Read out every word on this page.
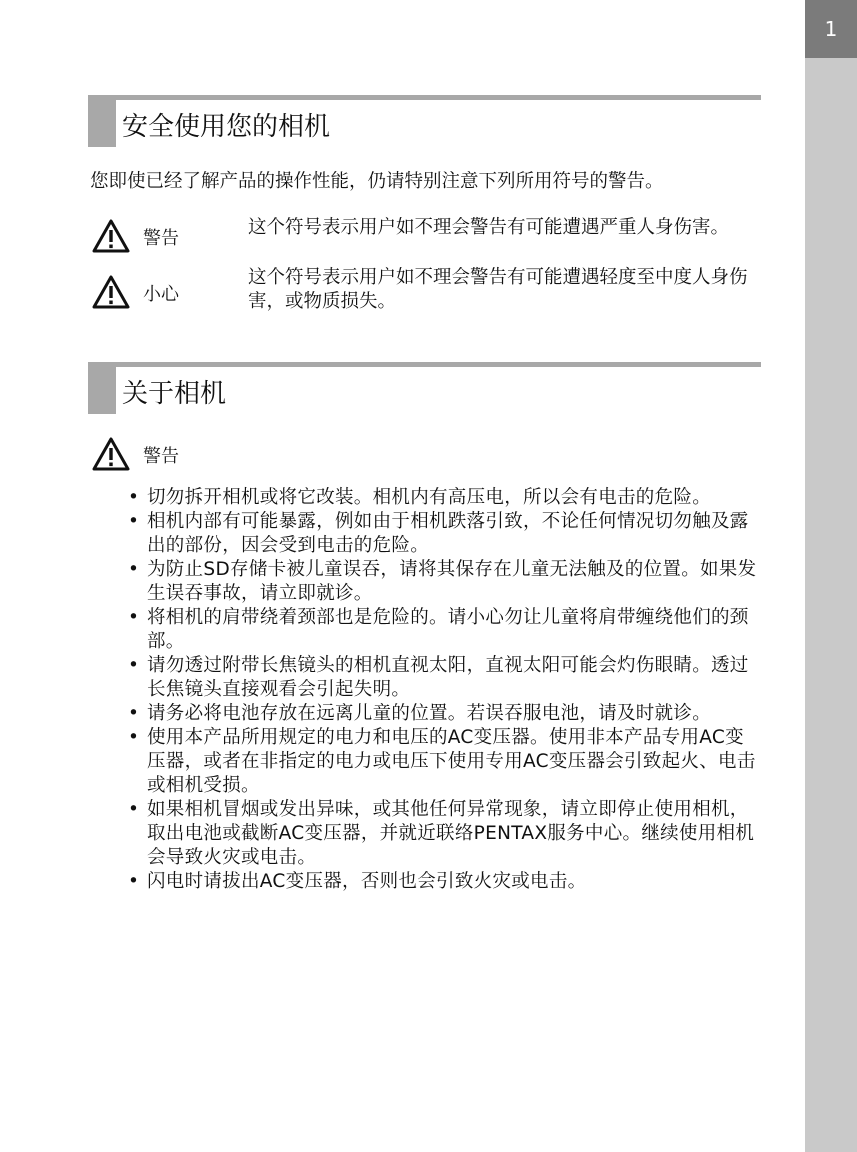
1
安全使用您的相机
您即使已经了解产品的操作性能，仍请特别注意下列所用符号的警告。
警告
这个符号表示用户如不理会警告有可能遭遇严重人身伤害。
小心
这个符号表示用户如不理会警告有可能遭遇轻度至中度人身伤害，或物质损失。
关于相机
警告
• 切勿拆开相机或将它改装。相机内有高压电，所以会有电击的危险。
• 相机内部有可能暴露，例如由于相机跌落引致，不论任何情况切勿触及露出的部份，因会受到电击的危险。
• 为防止SD存储卡被儿童误吞，请将其保存在儿童无法触及的位置。如果发生误吞事故，请立即就诊。
• 将相机的肩带绕着颈部也是危险的。请小心勿让儿童将肩带缠绕他们的颈部。
• 请勿透过附带长焦镜头的相机直视太阳，直视太阳可能会灼伤眼睛。透过长焦镜头直接观看会引起失明。
• 请务必将电池存放在远离儿童的位置。若误吞服电池，请及时就诊。
• 使用本产品所用规定的电力和电压的AC变压器。使用非本产品专用AC变压器，或者在非指定的电力或电压下使用专用AC变压器会引致起火、电击或相机受损。
• 如果相机冒烟或发出异味，或其他任何异常现象，请立即停止使用相机，取出电池或截断AC变压器，并就近联络PENTAX服务中心。继续使用相机会导致火灾或电击。
• 闪电时请拔出AC变压器，否则也会引致火灾或电击。
